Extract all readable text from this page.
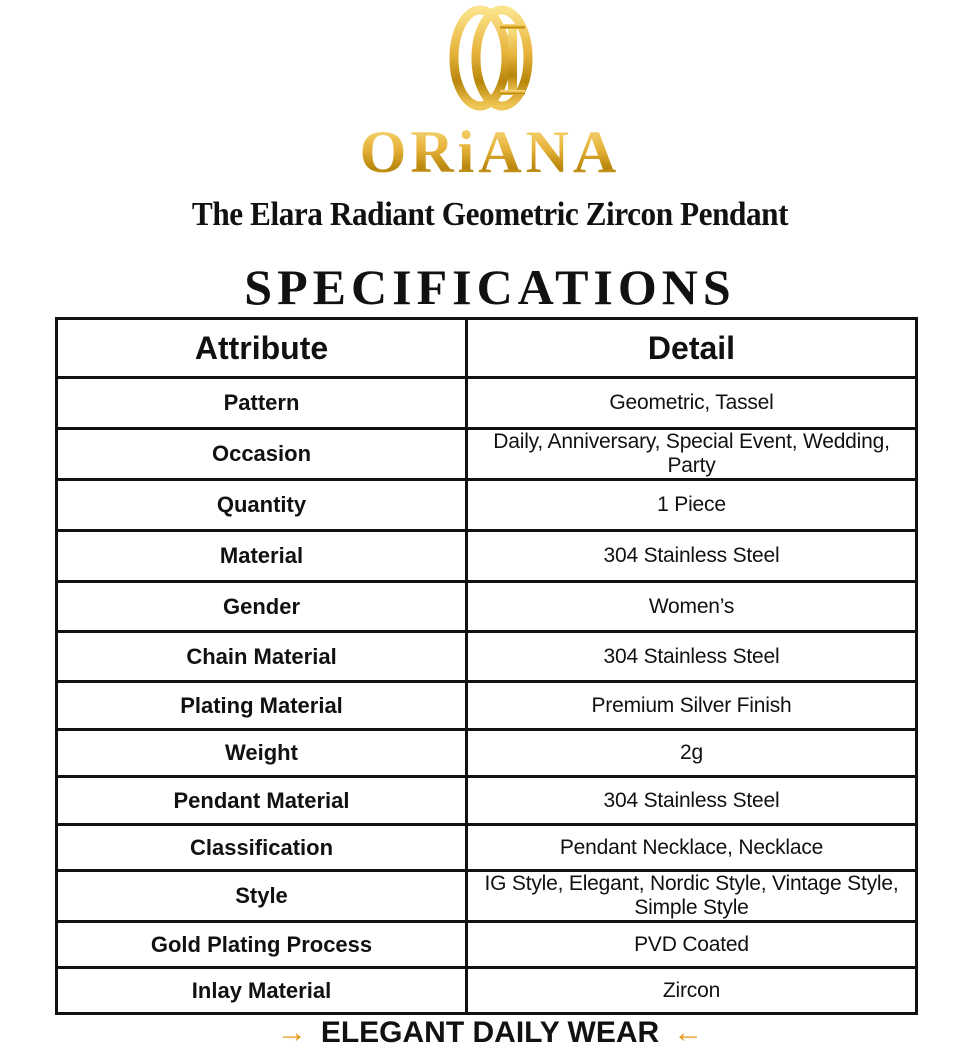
ORiANA
The Elara Radiant Geometric Zircon Pendant
SPECIFICATIONS
Attribute	Detail
Pattern	Geometric, Tassel
Occasion	Daily, Anniversary, Special Event, Wedding, Party
Quantity	1 Piece
Material	304 Stainless Steel
Gender	Women’s
Chain Material	304 Stainless Steel
Plating Material	Premium Silver Finish
Weight	2g
Pendant Material	304 Stainless Steel
Classification	Pendant Necklace, Necklace
Style	IG Style, Elegant, Nordic Style, Vintage Style, Simple Style
Gold Plating Process	PVD Coated
Inlay Material	Zircon
→ ELEGANT DAILY WEAR ←
